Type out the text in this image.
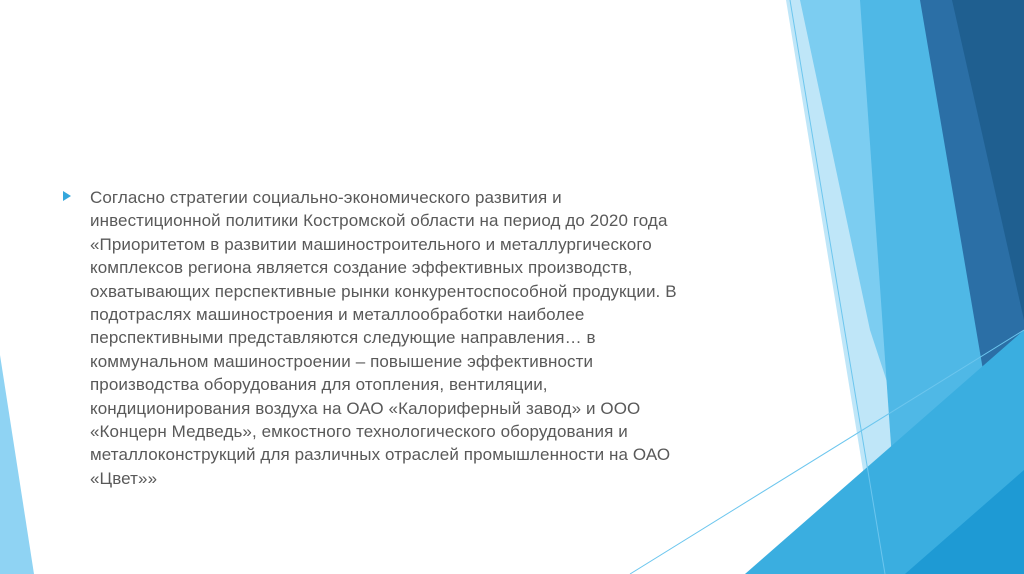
Согласно стратегии социально-экономического развития и
инвестиционной политики Костромской области на период до 2020 года
«Приоритетом в развитии машиностроительного и металлургического
комплексов региона является создание эффективных производств,
охватывающих перспективные рынки конкурентоспособной продукции. В
подотраслях машиностроения и металлообработки наиболее
перспективными представляются следующие направления… в
коммунальном машиностроении – повышение эффективности
производства оборудования для отопления, вентиляции,
кондиционирования воздуха на ОАО «Калориферный завод» и ООО
«Концерн Медведь», емкостного технологического оборудования и
металлоконструкций для различных отраслей промышленности на ОАО
«Цвет»»
